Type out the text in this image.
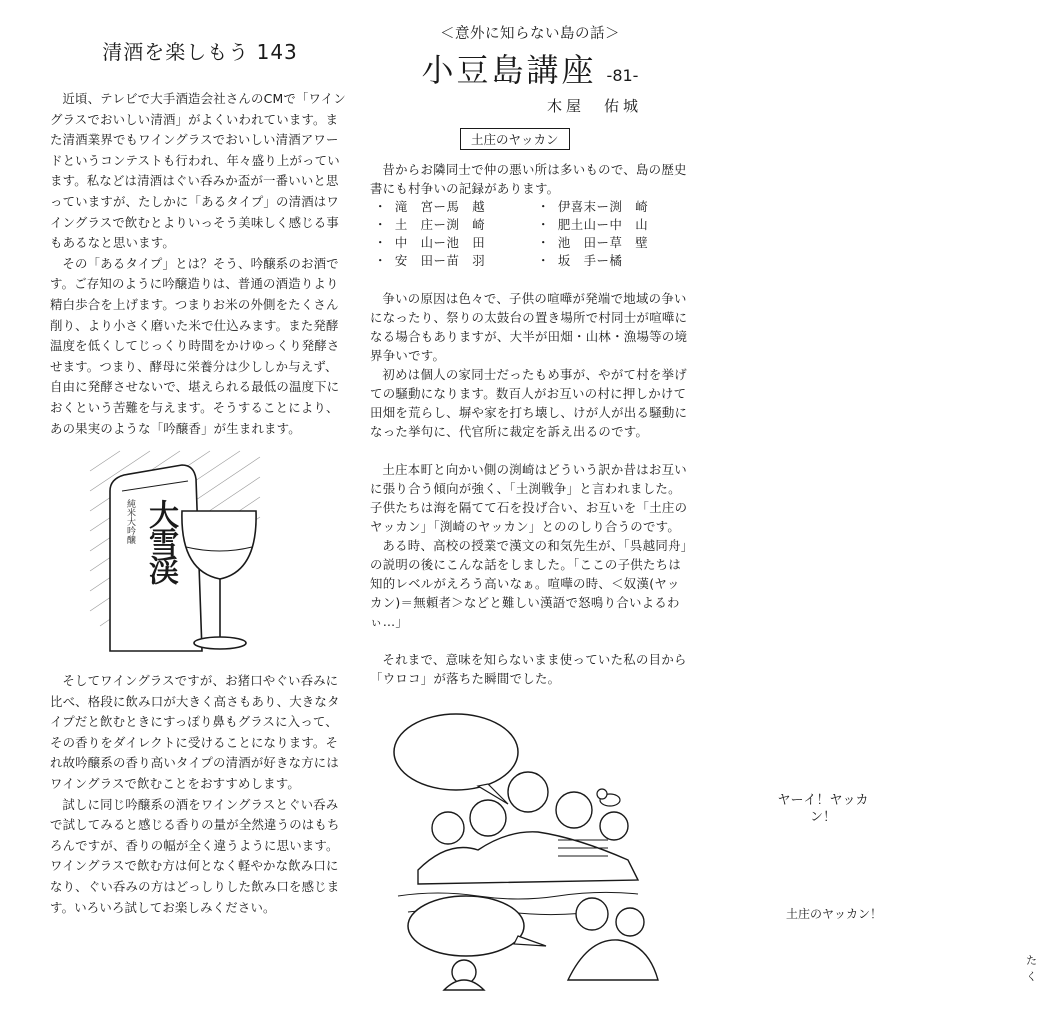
清酒を楽しもう 143

近頃、テレビで大手酒造会社さんのCMで「ワイングラスでおいしい清酒」がよくいわれています。また清酒業界でもワイングラスでおいしい清酒アワードというコンテストも行われ、年々盛り上がっています。私などは清酒はぐい呑みか盃が一番いいと思っていますが、たしかに「あるタイプ」の清酒はワイングラスで飲むとよりいっそう美味しく感じる事もあるなと思います。

その「あるタイプ」とは？そう、吟醸系のお酒です。ご存知のように吟醸造りは、普通の酒造りより精白歩合を上げます。つまりお米の外側をたくさん削り、より小さく磨いた米で仕込みます。また発酵温度を低くしてじっくり時間をかけゆっくり発酵させます。つまり、酵母に栄養分は少ししか与えず、自由に発酵させないで、堪えられる最低の温度下におくという苦難を与えます。そうすることにより、あの果実のような「吟醸香」が生まれます。

純米大吟醸 大雪渓

そしてワイングラスですが、お猪口やぐい呑みに比べ、格段に飲み口が大きく高さもあり、大きなタイプだと飲むときにすっぽり鼻もグラスに入って、その香りをダイレクトに受けることになります。それ故吟醸系の香り高いタイプの清酒が好きな方にはワイングラスで飲むことをおすすめします。

試しに同じ吟醸系の酒をワイングラスとぐい呑みで試してみると感じる香りの量が全然違うのはもちろんですが、香りの幅が全く違うように思います。ワイングラスで飲む方は何となく軽やかな飲み口になり、ぐい呑みの方はどっしりした飲み口を感じます。いろいろ試してお楽しみください。

＜意外に知らない島の話＞
小豆島講座 -81-
木屋　佑城
土庄のヤッカン

昔からお隣同士で仲の悪い所は多いもので、島の歴史書にも村争いの記録があります。

・ 滝　宮ー馬　越	・ 伊喜末ー渕　崎
・ 土　庄ー渕　崎	・ 肥土山ー中　山
・ 中　山ー池　田	・ 池　田ー草　壁
・ 安　田ー苗　羽	・ 坂　手ー橘

争いの原因は色々で、子供の喧嘩が発端で地域の争いになったり、祭りの太鼓台の置き場所で村同士が喧嘩になる場合もありますが、大半が田畑・山林・漁場等の境界争いです。

初めは個人の家同士だったもめ事が、やがて村を挙げての騒動になります。数百人がお互いの村に押しかけて田畑を荒らし、塀や家を打ち壊し、けが人が出る騒動になった挙句に、代官所に裁定を訴え出るのです。

土庄本町と向かい側の渕崎はどういう訳か昔はお互いに張り合う傾向が強く、「土渕戦争」と言われました。子供たちは海を隔てて石を投げ合い、お互いを「土庄のヤッカン」「渕崎のヤッカン」とののしり合うのです。

ある時、高校の授業で漢文の和気先生が、「呉越同舟」の説明の後にこんな話をしました。「ここの子供たちは知的レベルがえろう高いなぁ。喧嘩の時、＜奴漢(ヤッカン)＝無頼者＞などと難しい漢語で怒鳴り合いよるわぃ…」

それまで、意味を知らないまま使っていた私の目から「ウロコ」が落ちた瞬間でした。

ヤーイ！ヤッカン！
土庄のヤッカン！
たく
